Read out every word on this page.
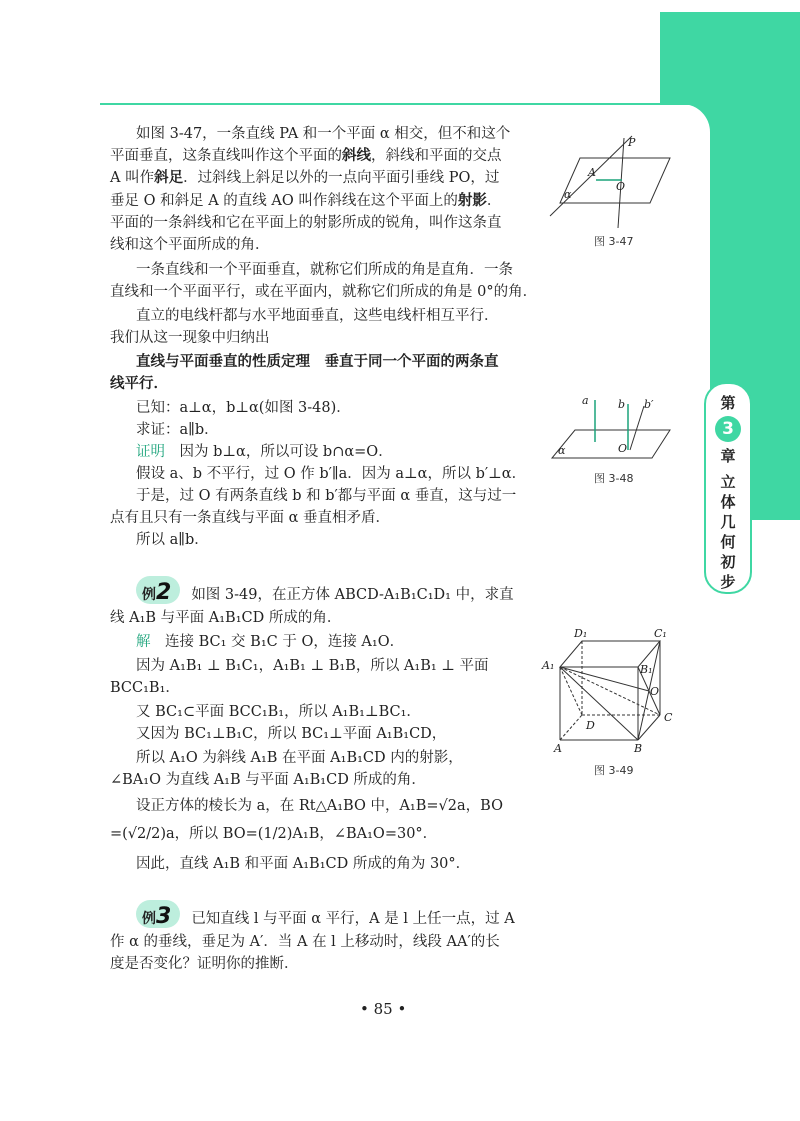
第
3
章
立
体
几
何
初
步
如图 3-47，一条直线 PA 和一个平面 α 相交，但不和这个
平面垂直，这条直线叫作这个平面的斜线，斜线和平面的交点
A 叫作斜足．过斜线上斜足以外的一点向平面引垂线 PO，过
垂足 O 和斜足 A 的直线 AO 叫作斜线在这个平面上的射影．
平面的一条斜线和它在平面上的射影所成的锐角，叫作这条直
线和这个平面所成的角．
一条直线和一个平面垂直，就称它们所成的角是直角．一条
直线和一个平面平行，或在平面内，就称它们所成的角是 0°的角．
直立的电线杆都与水平地面垂直，这些电线杆相互平行．
我们从这一现象中归纳出
直线与平面垂直的性质定理　垂直于同一个平面的两条直
线平行．
已知：a⊥α，b⊥α(如图 3-48)．
求证：a∥b．
证明　因为 b⊥α，所以可设 b∩α=O．
假设 a、b 不平行，过 O 作 b′∥a．因为 a⊥α，所以 b′⊥α．
于是，过 O 有两条直线 b 和 b′都与平面 α 垂直，这与过一
点有且只有一条直线与平面 α 垂直相矛盾．
所以 a∥b．
例2 如图 3-49，在正方体 ABCD-A₁B₁C₁D₁ 中，求直
线 A₁B 与平面 A₁B₁CD 所成的角．
解　连接 BC₁ 交 B₁C 于 O，连接 A₁O．
因为 A₁B₁ ⊥ B₁C₁，A₁B₁ ⊥ B₁B，所以 A₁B₁ ⊥ 平面
BCC₁B₁．
又 BC₁⊂平面 BCC₁B₁，所以 A₁B₁⊥BC₁．
又因为 BC₁⊥B₁C，所以 BC₁⊥平面 A₁B₁CD，
所以 A₁O 为斜线 A₁B 在平面 A₁B₁CD 内的射影，
∠BA₁O 为直线 A₁B 与平面 A₁B₁CD 所成的角．
设正方体的棱长为 a，在 Rt△A₁BO 中，A₁B=√2a，BO
=(√2/2)a，所以 BO=(1/2)A₁B，∠BA₁O=30°．
因此，直线 A₁B 和平面 A₁B₁CD 所成的角为 30°．
例3 已知直线 l 与平面 α 平行，A 是 l 上任一点，过 A
作 α 的垂线，垂足为 A′．当 A 在 l 上移动时，线段 AA′的长
度是否变化？证明你的推断．
P
A
O
α
图 3-47
a	b b′
O
α
图 3-48
D₁	C₁
A₁	B₁
O
D
C
A	B
图 3-49
• 85 •
